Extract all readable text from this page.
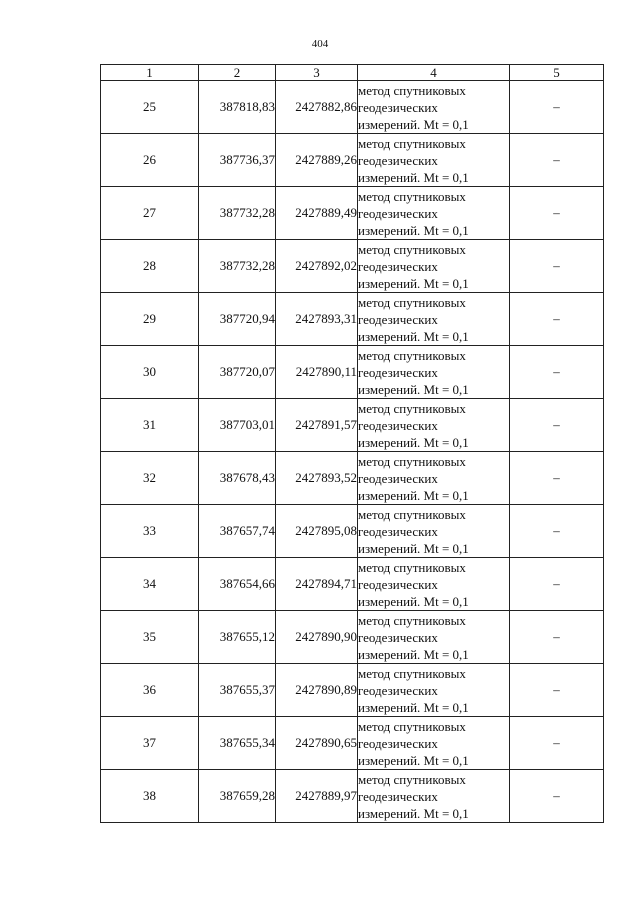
404
1	2	3	4	5
25	387818,83	2427882,86	метод спутниковых
геодезических
измерений. Mt = 0,1	–
26	387736,37	2427889,26	метод спутниковых
геодезических
измерений. Mt = 0,1	–
27	387732,28	2427889,49	метод спутниковых
геодезических
измерений. Mt = 0,1	–
28	387732,28	2427892,02	метод спутниковых
геодезических
измерений. Mt = 0,1	–
29	387720,94	2427893,31	метод спутниковых
геодезических
измерений. Mt = 0,1	–
30	387720,07	2427890,11	метод спутниковых
геодезических
измерений. Mt = 0,1	–
31	387703,01	2427891,57	метод спутниковых
геодезических
измерений. Mt = 0,1	–
32	387678,43	2427893,52	метод спутниковых
геодезических
измерений. Mt = 0,1	–
33	387657,74	2427895,08	метод спутниковых
геодезических
измерений. Mt = 0,1	–
34	387654,66	2427894,71	метод спутниковых
геодезических
измерений. Mt = 0,1	–
35	387655,12	2427890,90	метод спутниковых
геодезических
измерений. Mt = 0,1	–
36	387655,37	2427890,89	метод спутниковых
геодезических
измерений. Mt = 0,1	–
37	387655,34	2427890,65	метод спутниковых
геодезических
измерений. Mt = 0,1	–
38	387659,28	2427889,97	метод спутниковых
геодезических
измерений. Mt = 0,1	–
